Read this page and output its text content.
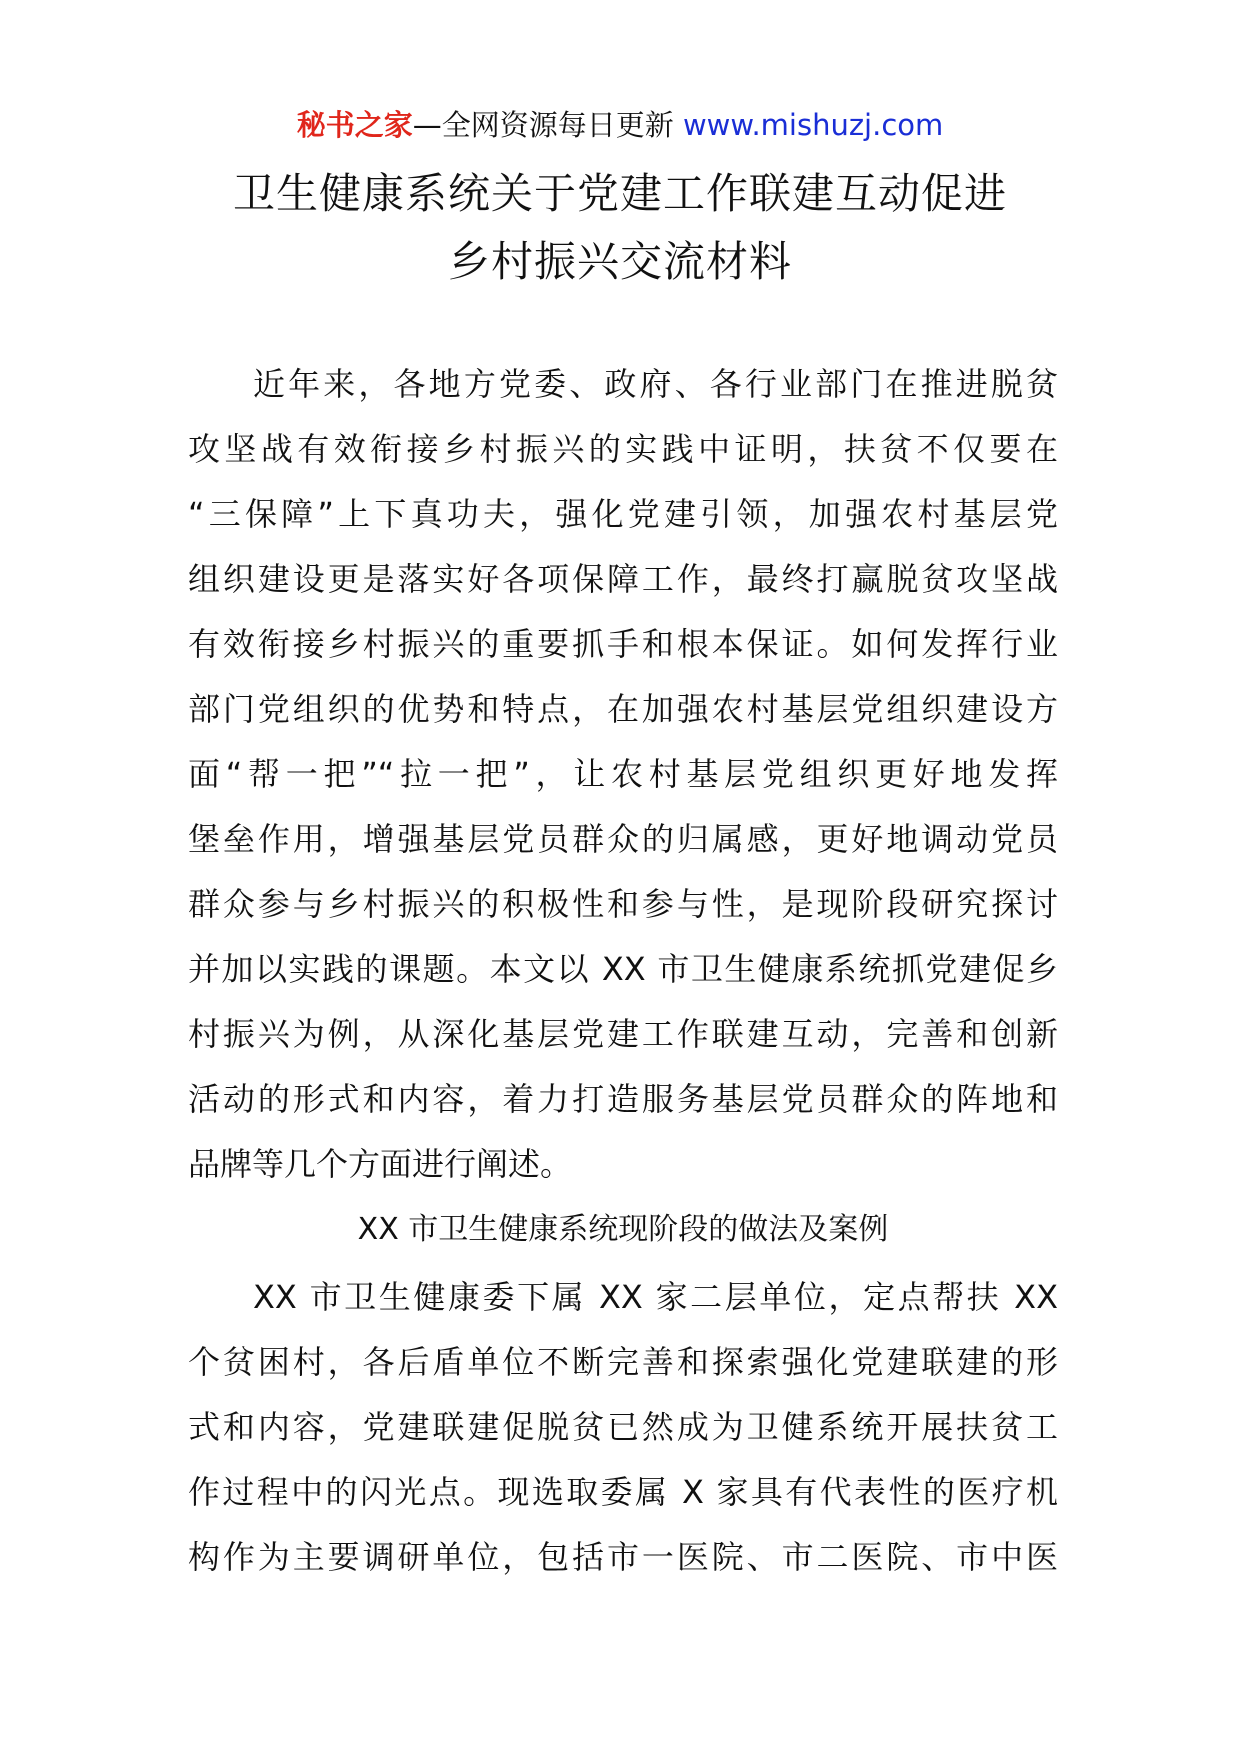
秘书之家—全网资源每日更新 www.mishuzj.com
卫生健康系统关于党建工作联建互动促进
乡村振兴交流材料
近年来，各地方党委、政府、各行业部门在推进脱贫
攻坚战有效衔接乡村振兴的实践中证明，扶贫不仅要在
“三保障”上下真功夫，强化党建引领，加强农村基层党
组织建设更是落实好各项保障工作，最终打赢脱贫攻坚战
有效衔接乡村振兴的重要抓手和根本保证。如何发挥行业
部门党组织的优势和特点，在加强农村基层党组织建设方
面“帮一把”“拉一把”，让农村基层党组织更好地发挥
堡垒作用，增强基层党员群众的归属感，更好地调动党员
群众参与乡村振兴的积极性和参与性，是现阶段研究探讨
并加以实践的课题。本文以 XX 市卫生健康系统抓党建促乡
村振兴为例，从深化基层党建工作联建互动，完善和创新
活动的形式和内容，着力打造服务基层党员群众的阵地和
品牌等几个方面进行阐述。
XX 市卫生健康系统现阶段的做法及案例
XX 市卫生健康委下属 XX 家二层单位，定点帮扶 XX
个贫困村，各后盾单位不断完善和探索强化党建联建的形
式和内容，党建联建促脱贫已然成为卫健系统开展扶贫工
作过程中的闪光点。现选取委属 X 家具有代表性的医疗机
构作为主要调研单位，包括市一医院、市二医院、市中医
